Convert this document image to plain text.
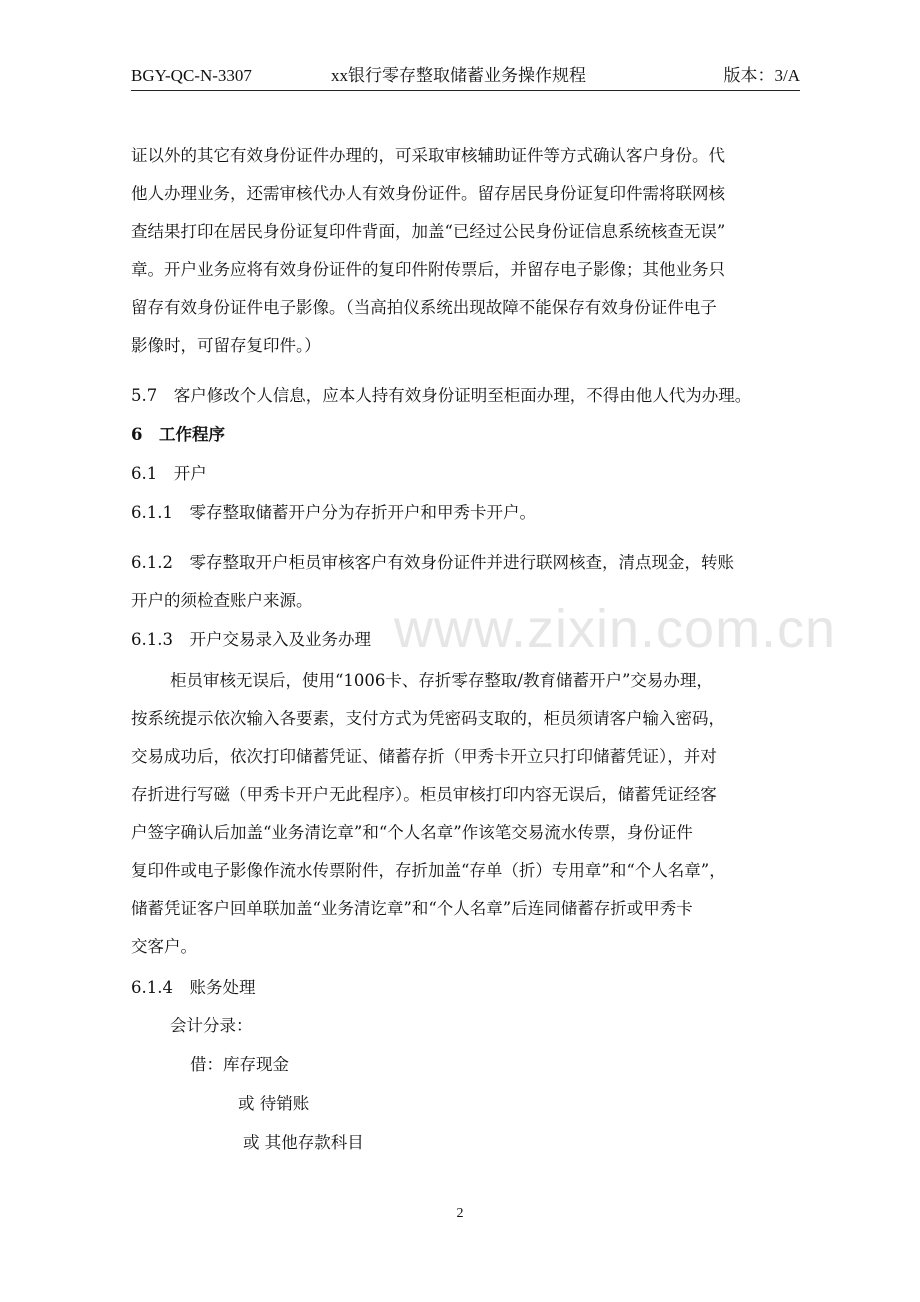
BGY-QC-N-3307	xx银行零存整取储蓄业务操作规程	版本：3/A
www.zixin.com.cn
证以外的其它有效身份证件办理的，可采取审核辅助证件等方式确认客户身份。代
他人办理业务，还需审核代办人有效身份证件。留存居民身份证复印件需将联网核
查结果打印在居民身份证复印件背面，加盖“已经过公民身份证信息系统核查无误”
章。开户业务应将有效身份证件的复印件附传票后，并留存电子影像；其他业务只
留存有效身份证件电子影像。（当高拍仪系统出现故障不能保存有效身份证件电子
影像时，可留存复印件。）
5.7　客户修改个人信息，应本人持有效身份证明至柜面办理，不得由他人代为办理。
6　工作程序
6.1　开户
6.1.1　零存整取储蓄开户分为存折开户和甲秀卡开户。
6.1.2　零存整取开户柜员审核客户有效身份证件并进行联网核查，清点现金，转账
开户的须检查账户来源。
6.1.3　开户交易录入及业务办理
柜员审核无误后，使用“1006卡、存折零存整取/教育储蓄开户”交易办理，
按系统提示依次输入各要素，支付方式为凭密码支取的，柜员须请客户输入密码，
交易成功后，依次打印储蓄凭证、储蓄存折（甲秀卡开立只打印储蓄凭证），并对
存折进行写磁（甲秀卡开户无此程序）。柜员审核打印内容无误后，储蓄凭证经客
户签字确认后加盖“业务清讫章”和“个人名章”作该笔交易流水传票，身份证件
复印件或电子影像作流水传票附件，存折加盖“存单（折）专用章”和“个人名章”，
储蓄凭证客户回单联加盖“业务清讫章”和“个人名章”后连同储蓄存折或甲秀卡
交客户。
6.1.4　账务处理
会计分录：
借：库存现金
或 待销账
或 其他存款科目
2
